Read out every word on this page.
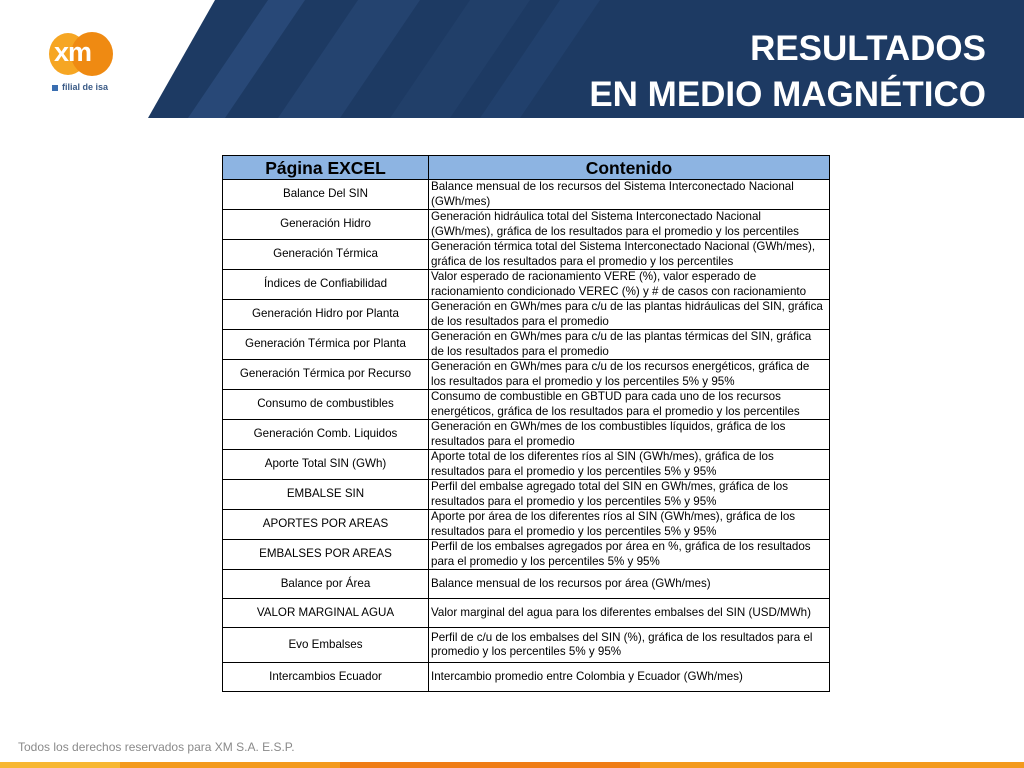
RESULTADOS
EN MEDIO MAGNÉTICO
xm
filial de isa
Página EXCEL	Contenido
Balance Del SIN	Balance mensual de los recursos del Sistema Interconectado Nacional (GWh/mes)
Generación Hidro	Generación hidráulica total del Sistema Interconectado Nacional (GWh/mes), gráfica de los resultados para el promedio y los percentiles
Generación Térmica	Generación térmica total del Sistema Interconectado Nacional (GWh/mes), gráfica de los resultados para el promedio y los percentiles
Índices de Confiabilidad	Valor esperado de racionamiento VERE (%), valor esperado de racionamiento condicionado VEREC (%) y # de casos con racionamiento
Generación Hidro por Planta	Generación en GWh/mes para c/u de las plantas hidráulicas del SIN, gráfica de los resultados para el promedio
Generación Térmica por Planta	Generación en GWh/mes para c/u de las plantas térmicas del SIN, gráfica de los resultados para el promedio
Generación Térmica por Recurso	Generación en GWh/mes para c/u de los recursos energéticos, gráfica de los resultados para el promedio y los percentiles 5% y 95%
Consumo de combustibles	Consumo de combustible en GBTUD para cada uno de los recursos energéticos, gráfica de los resultados para el promedio y los percentiles
Generación Comb. Liquidos	Generación en GWh/mes de los combustibles líquidos, gráfica de los resultados para el promedio
Aporte Total SIN (GWh)	Aporte total de los diferentes ríos al SIN (GWh/mes), gráfica de los resultados para el promedio y los percentiles 5% y 95%
EMBALSE SIN	Perfil del embalse agregado total del SIN en GWh/mes, gráfica de los resultados para el promedio y los percentiles 5% y 95%
APORTES POR AREAS	Aporte por área de los diferentes ríos al SIN (GWh/mes), gráfica de los resultados para el promedio y los percentiles 5% y 95%
EMBALSES POR AREAS	Perfil de los embalses agregados por área en %, gráfica de los resultados para el promedio y los percentiles 5% y 95%
Balance por Área	Balance mensual de los recursos por área (GWh/mes)
VALOR MARGINAL AGUA	Valor marginal del agua para los diferentes embalses del SIN (USD/MWh)
Evo Embalses	Perfil de c/u de los embalses del SIN (%), gráfica de los resultados para el promedio y los percentiles 5% y 95%
Intercambios Ecuador	Intercambio promedio entre Colombia y Ecuador (GWh/mes)
Todos los derechos reservados para XM S.A. E.S.P.
